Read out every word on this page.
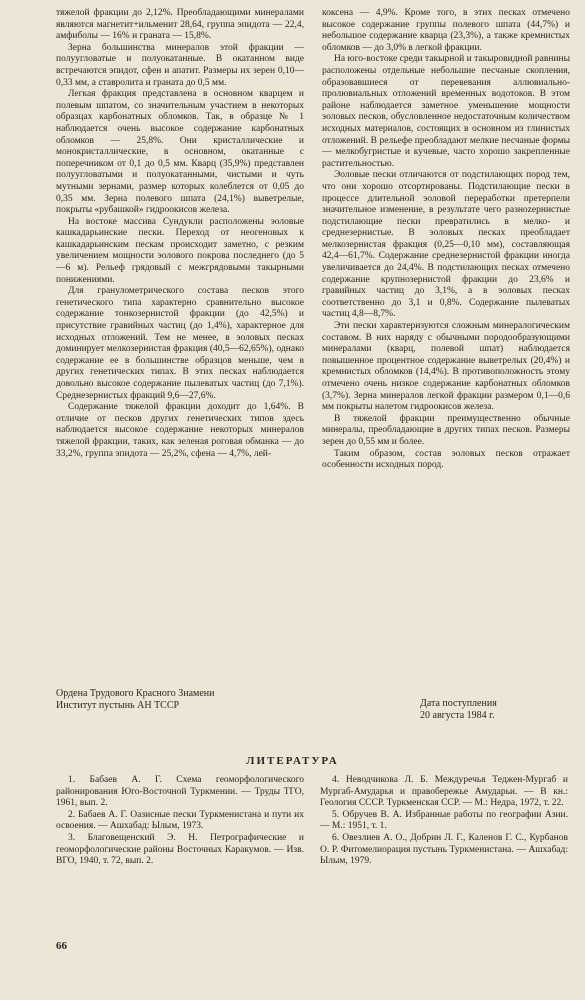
тяжелой фракции до 2,12%. Преобладающими минералами являются магнетит+ильменит 28,64, группа эпидота — 22,4, амфиболы — 16% и граната — 15,8%.

Зерна большинства минералов этой фракции — полуугловатые и полуокатанные. В окатанном виде встречаются эпидот, сфен и апатит. Размеры их зерен 0,10—0,33 мм, а ставролита и граната до 0,5 мм.

Легкая фракция представлена в основном кварцем и полевым шпатом, со значительным участием в некоторых образцах карбонатных обломков. Так, в образце № 1 наблюдается очень высокое содержание карбонатных обломков — 25,8%. Они кристаллические и монокристаллические, в основном, окатанные с поперечником от 0,1 до 0,5 мм. Кварц (35,9%) представлен полуугловатыми и полуокатанными, чистыми и чуть мутными зернами, размер которых колеблется от 0,05 до 0,35 мм. Зерна полевого шпата (24,1%) выветрелые, покрыты «рубашкой» гидроокисов железа.

На востоке массива Сундукли расположены эоловые кашкадарьинские пески. Переход от неогеновых к кашкадарьинским пескам происходит заметно, с резким увеличением мощности эолового покрова последнего (до 5—6 м). Рельеф грядовый с межгрядовыми такырными понижениями.

Для гранулометрического состава песков этого генетического типа характерно сравнительно высокое содержание тонкозернистой фракции (до 42,5%) и присутствие гравийных частиц (до 1,4%), характерное для исходных отложений. Тем не менее, в эоловых песках доминирует мелкозернистая фракция (40,5—62,65%), однако содержание ее в большинстве образцов меньше, чем в других генетических типах. В этих песках наблюдается довольно высокое содержание пылеватых частиц (до 7,1%). Среднезернистых фракций 9,6—27,6%.

Содержание тяжелой фракции доходит до 1,64%. В отличие от песков других генетических типов здесь наблюдается высокое содержание некоторых минералов тяжелой фракции, таких, как зеленая роговая обманка — до 33,2%, группа эпидота — 25,2%, сфена — 4,7%, лей-

коксена — 4,9%. Кроме того, в этих песках отмечено высокое содержание группы полевого шпата (44,7%) и небольшое содержание кварца (23,3%), а также кремнистых обломков — до 3,0% в легкой фракции.

На юго-востоке среди такырной и такыровидной равнины расположены отдельные небольшие песчаные скопления, образовавшиеся от перевевания аллювиально-пролювиальных отложений временных водотоков. В этом районе наблюдается заметное уменьшение мощности эоловых песков, обусловленное недостаточным количеством исходных материалов, состоящих в основном из глинистых отложений. В рельефе преобладают мелкие песчаные формы — мелкобугристые и кучевые, часто хорошо закрепленные растительностью.

Эоловые пески отличаются от подстилающих пород тем, что они хорошо отсортированы. Подстилающие пески в процессе длительной эоловой переработки претерпели значительное изменение, в результате чего разноzернистые подстилающие пески превратились в мелко- и среднезернистые. В эоловых песках преобладает мелкозернистая фракция (0,25—0,10 мм), составляющая 42,4—61,7%. Содержание среднезернистой фракции иногда увеличивается до 24,4%. В подстилающих песках отмечено содержание крупнозернистой фракции до 23,6% и гравийных частиц до 3,1%, а в эоловых песках соответственно до 3,1 и 0,8%. Содержание пылеватых частиц 4,8—8,7%.

Эти пески характеризуются сложным минералогическим составом. В них наряду с обычными породообразующими минералами (кварц, полевой шпат) наблюдается повышенное процентное содержание выветрелых (20,4%) и кремнистых обломков (14,4%). В противоположность этому отмечено очень низкое содержание карбонатных обломков (3,7%). Зерна минералов легкой фракции размером 0,1—0,6 мм покрыты налетом гидроокисов железа.

В тяжелой фракции преимущественно обычные минералы, преобладающие в других типах песков. Размеры зерен до 0,55 мм и более.

Таким образом, состав эоловых песков отражает особенности исходных пород.

Ордена Трудового Красного Знамени
Институт пустынь АН ТССР	Дата поступления
20 августа 1984 г.
ЛИТЕРАТУРА

1. Бабаев А. Г. Схема геоморфологического районирования Юго-Восточной Туркмении. — Труды ТГО, 1961, вып. 2.

2. Бабаев А. Г. Оазисные пески Туркменистана и пути их освоения. — Ашхабад: Ылым, 1973.

3. Благовещенский Э. Н. Петрографические и геоморфологические районы Восточных Каракумов. — Изв. ВГО, 1940, т. 72, вып. 2.

4. Неводчикова Л. Б. Междуречья Теджен-Мургаб и Мургаб-Амударья и правобережье Амударьи. — В кн.: Геология СССР. Туркменская ССР. — М.: Недра, 1972, т. 22.

5. Обручев В. А. Избранные работы по географии Азии. — М.: 1951, т. 1.

6. Овезлиев А. О., Добрин Л. Г., Каленов Г. С., Курбанов О. Р. Фитомелиорация пустынь Туркменистана. — Ашхабад: Ылым, 1979.

66
